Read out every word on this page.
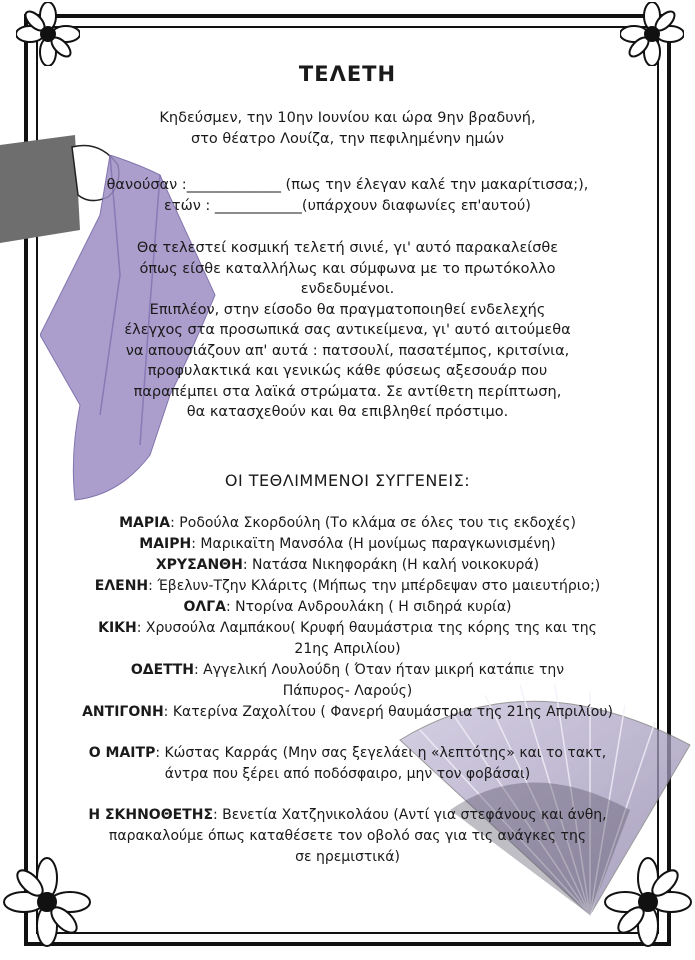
ΤΕΛΕΤΗ
Κηδεύσμεν, την 10ην Ιουνίου και ώρα 9ην βραδυνή,
στο θέατρο Λουίζα, την πεφιλημένην ημών
θανούσαν :_____________ (πως την έλεγαν καλέ την μακαρίτισσα;),
ετών : ____________(υπάρχουν διαφωνίες επ'αυτού)
Θα τελεστεί κοσμική τελετή σινιέ, γι' αυτό παρακαλείσθε
όπως είσθε καταλλήλως και σύμφωνα με το πρωτόκολλο
ενδεδυμένοι.
Επιπλέον, στην είσοδο θα πραγματοποιηθεί ενδελεχής
έλεγχος στα προσωπικά σας αντικείμενα, γι' αυτό αιτούμεθα
να απουσιάζουν απ' αυτά : πατσουλί, πασατέμπος, κριτσίνια,
προφυλακτικά και γενικώς κάθε φύσεως αξεσουάρ που
παραπέμπει στα λαϊκά στρώματα. Σε αντίθετη περίπτωση,
θα κατασχεθούν και θα επιβληθεί πρόστιμο.
ΟΙ ΤΕΘΛΙΜΜΕΝΟΙ ΣΥΓΓΕΝΕΙΣ:
ΜΑΡΙΑ: Ροδούλα Σκορδούλη (Το κλάμα σε όλες του τις εκδοχές)
ΜΑΙΡΗ: Μαρικαϊτη Μανσόλα (Η μονίμως παραγκωνισμένη)
ΧΡΥΣΑΝΘΗ: Νατάσα Νικηφοράκη (Η καλή νοικοκυρά)
ΕΛΕΝΗ: Έβελυν-Τζην Κλάριτς (Μήπως την μπέρδεψαν στο μαιευτήριο;)
ΟΛΓΑ: Ντορίνα Ανδρουλάκη ( Η σιδηρά κυρία)
ΚΙΚΗ: Χρυσούλα Λαμπάκου( Κρυφή θαυμάστρια της κόρης της και της
21ης Απριλίου)
ΟΔΕΤΤΗ: Αγγελική Λουλούδη ( Όταν ήταν μικρή κατάπιε την
Πάπυρος- Λαρούς)
ΑΝΤΙΓΟΝΗ: Κατερίνα Ζαχολίτου ( Φανερή θαυμάστρια της 21ης Απριλίου)
Ο ΜΑΙΤΡ: Κώστας Καρράς (Μην σας ξεγελάει η «λεπτότης» και το τακτ,
άντρα που ξέρει από ποδόσφαιρο, μην τον φοβάσαι)
Η ΣΚΗΝΟΘΕΤΗΣ: Βενετία Χατζηνικολάου (Αντί για στεφάνους και άνθη,
παρακαλούμε όπως καταθέσετε τον οβολό σας για τις ανάγκες της
σε ηρεμιστικά)
